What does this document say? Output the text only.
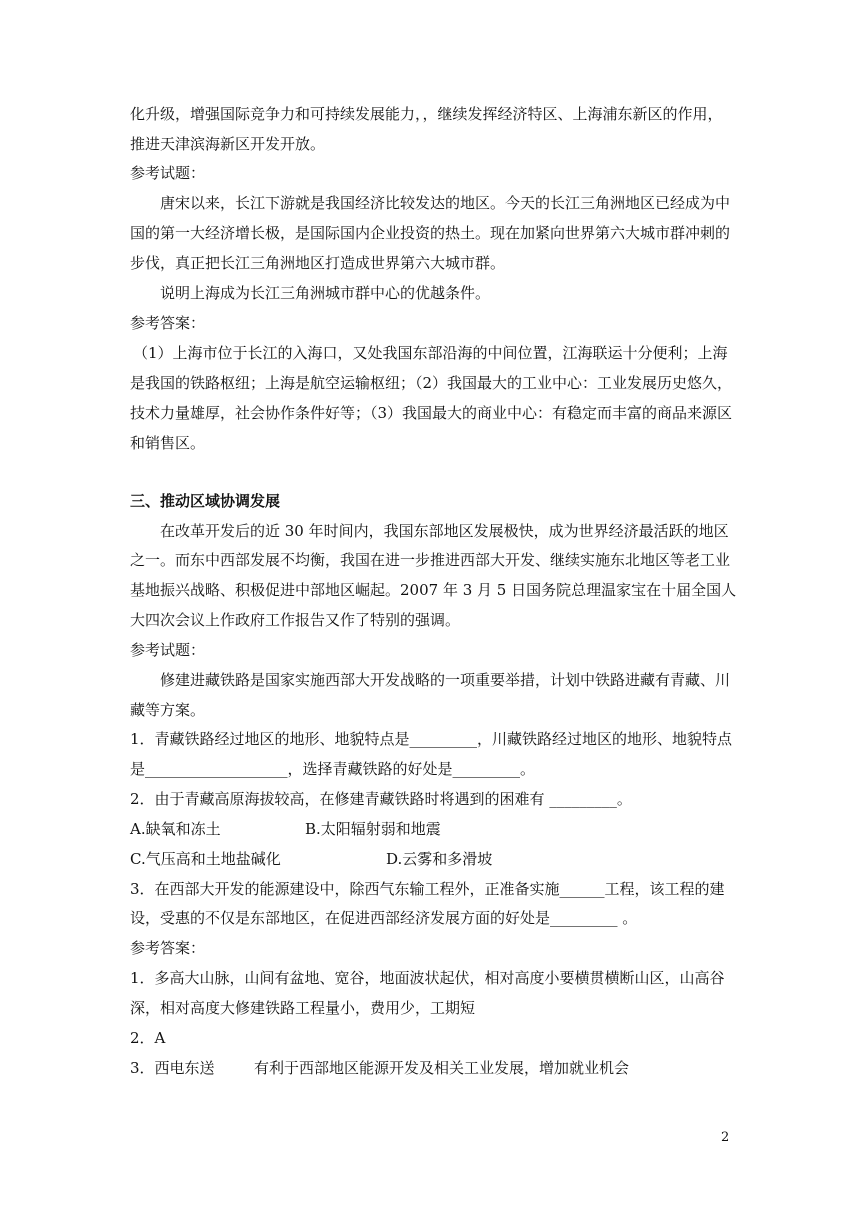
化升级，增强国际竞争力和可持续发展能力，，继续发挥经济特区、上海浦东新区的作用，
推进天津滨海新区开发开放。
参考试题：
唐宋以来，长江下游就是我国经济比较发达的地区。今天的长江三角洲地区已经成为中
国的第一大经济增长极，是国际国内企业投资的热土。现在加紧向世界第六大城市群冲刺的
步伐，真正把长江三角洲地区打造成世界第六大城市群。
说明上海成为长江三角洲城市群中心的优越条件。
参考答案：
（1）上海市位于长江的入海口，又处我国东部沿海的中间位置，江海联运十分便利；上海
是我国的铁路枢纽；上海是航空运输枢纽；（2）我国最大的工业中心：工业发展历史悠久，
技术力量雄厚，社会协作条件好等；（3）我国最大的商业中心：有稳定而丰富的商品来源区
和销售区。
三、推动区域协调发展
在改革开发后的近 30 年时间内，我国东部地区发展极快，成为世界经济最活跃的地区
之一。而东中西部发展不均衡，我国在进一步推进西部大开发、继续实施东北地区等老工业
基地振兴战略、积极促进中部地区崛起。2007 年 3 月 5 日国务院总理温家宝在十届全国人
大四次会议上作政府工作报告又作了特别的强调。
参考试题：
修建进藏铁路是国家实施西部大开发战略的一项重要举措，计划中铁路进藏有青藏、川
藏等方案。
1．青藏铁路经过地区的地形、地貌特点是_________，川藏铁路经过地区的地形、地貌特点
是___________________，选择青藏铁路的好处是_________。
2．由于青藏高原海拔较高，在修建青藏铁路时将遇到的困难有 _________。
A.缺氧和冻土	B.太阳辐射弱和地震
C.气压高和土地盐碱化	D.云雾和多滑坡
3．在西部大开发的能源建设中，除西气东输工程外，正准备实施______工程，该工程的建
设，受惠的不仅是东部地区，在促进西部经济发展方面的好处是_________ 。
参考答案：
1．多高大山脉，山间有盆地、宽谷，地面波状起伏，相对高度小要横贯横断山区，山高谷
深，相对高度大修建铁路工程量小，费用少，工期短
2．A
3．西电东送	有利于西部地区能源开发及相关工业发展，增加就业机会
2
